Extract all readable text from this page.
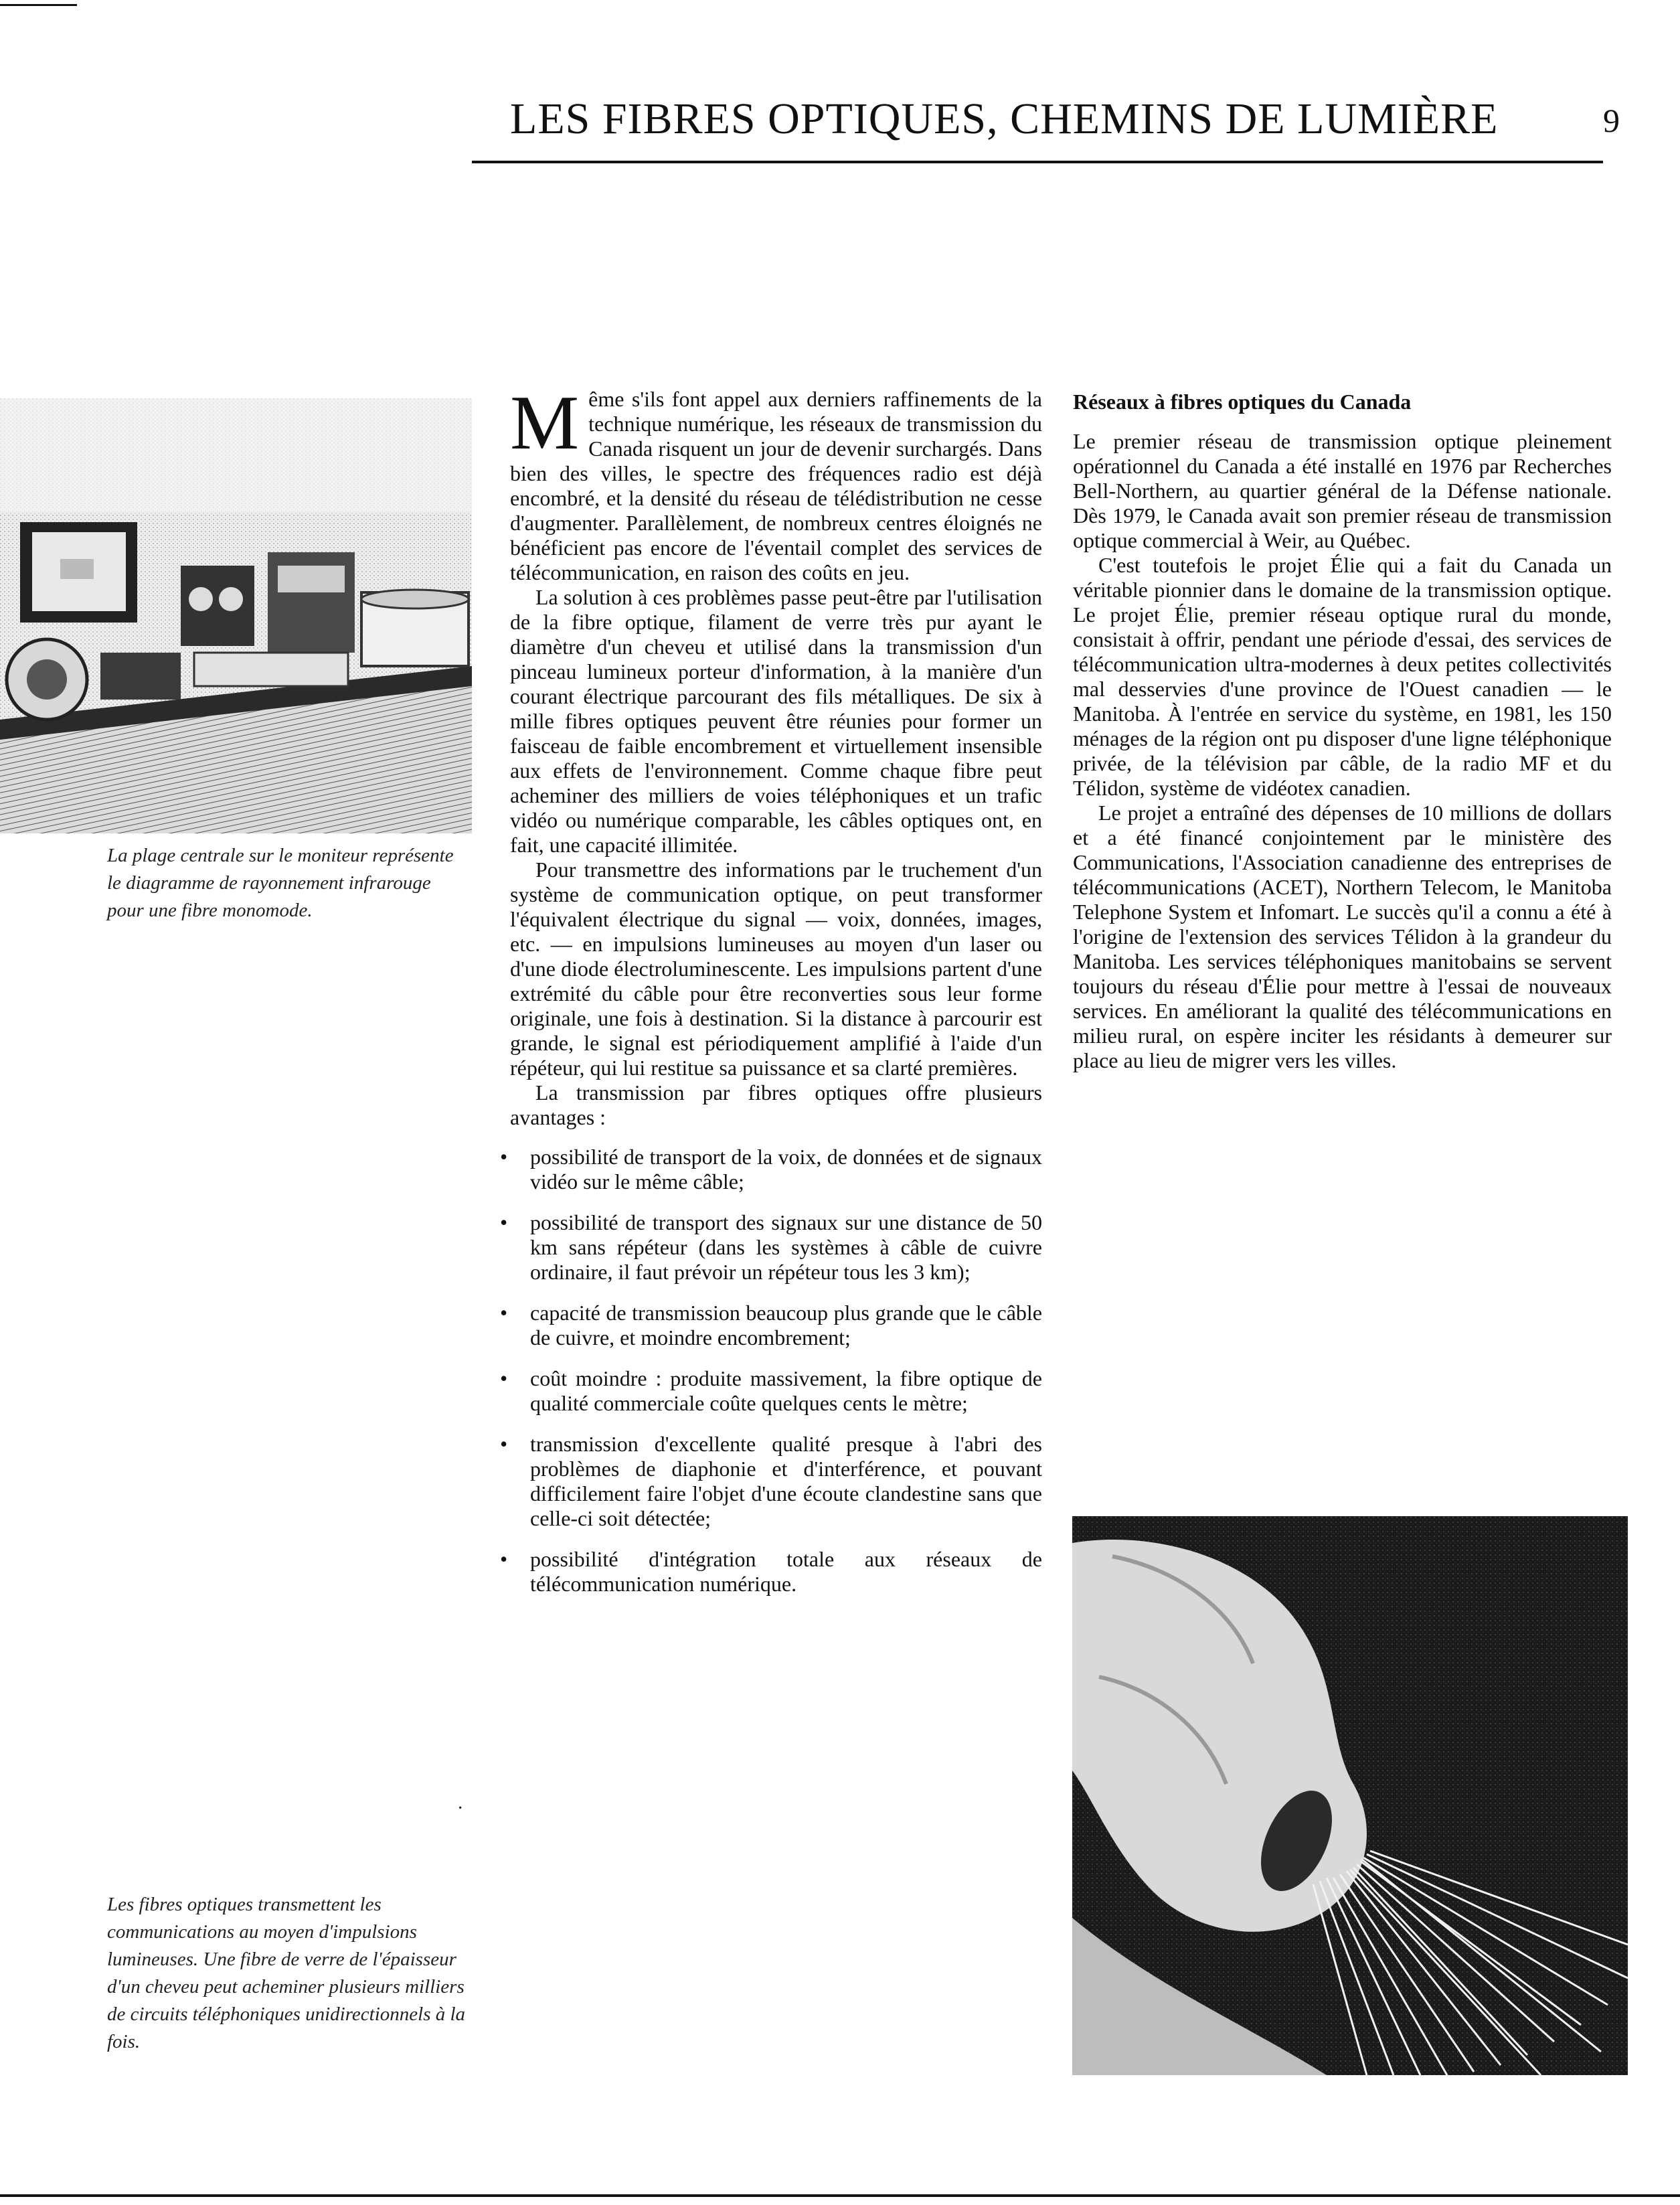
LES FIBRES OPTIQUES, CHEMINS DE LUMIÈRE	9
La plage centrale sur le moniteur représente le diagramme de rayonnement infrarouge pour une fibre monomode.

Même s'ils font appel aux derniers raffinements de la technique numérique, les réseaux de transmission du Canada risquent un jour de devenir surchargés. Dans bien des villes, le spectre des fréquences radio est déjà encombré, et la densité du réseau de télédistribution ne cesse d'augmenter. Parallèlement, de nombreux centres éloignés ne bénéficient pas encore de l'éventail complet des services de télécommunication, en raison des coûts en jeu.

La solution à ces problèmes passe peut-être par l'utilisation de la fibre optique, filament de verre très pur ayant le diamètre d'un cheveu et utilisé dans la transmission d'un pinceau lumineux porteur d'information, à la manière d'un courant électrique parcourant des fils métalliques. De six à mille fibres optiques peuvent être réunies pour former un faisceau de faible encombrement et virtuellement insensible aux effets de l'environnement. Comme chaque fibre peut acheminer des milliers de voies téléphoniques et un trafic vidéo ou numérique comparable, les câbles optiques ont, en fait, une capacité illimitée.

Pour transmettre des informations par le truchement d'un système de communication optique, on peut transformer l'équivalent électrique du signal — voix, données, images, etc. — en impulsions lumineuses au moyen d'un laser ou d'une diode électroluminescente. Les impulsions partent d'une extrémité du câble pour être reconverties sous leur forme originale, une fois à destination. Si la distance à parcourir est grande, le signal est périodiquement amplifié à l'aide d'un répéteur, qui lui restitue sa puissance et sa clarté premières.

La transmission par fibres optiques offre plusieurs avantages :

• possibilité de transport de la voix, de données et de signaux vidéo sur le même câble;
• possibilité de transport des signaux sur une distance de 50 km sans répéteur (dans les systèmes à câble de cuivre ordinaire, il faut prévoir un répéteur tous les 3 km);
• capacité de transmission beaucoup plus grande que le câble de cuivre, et moindre encombrement;
• coût moindre : produite massivement, la fibre optique de qualité commerciale coûte quelques cents le mètre;
• transmission d'excellente qualité presque à l'abri des problèmes de diaphonie et d'interférence, et pouvant difficilement faire l'objet d'une écoute clandestine sans que celle-ci soit détectée;
• possibilité d'intégration totale aux réseaux de télécommunication numérique.
Réseaux à fibres optiques du Canada

Le premier réseau de transmission optique pleinement opérationnel du Canada a été installé en 1976 par Recherches Bell-Northern, au quartier général de la Défense nationale. Dès 1979, le Canada avait son premier réseau de transmission optique commercial à Weir, au Québec.

C'est toutefois le projet Élie qui a fait du Canada un véritable pionnier dans le domaine de la transmission optique. Le projet Élie, premier réseau optique rural du monde, consistait à offrir, pendant une période d'essai, des services de télécommunication ultra-modernes à deux petites collectivités mal desservies d'une province de l'Ouest canadien — le Manitoba. À l'entrée en service du système, en 1981, les 150 ménages de la région ont pu disposer d'une ligne téléphonique privée, de la télévision par câble, de la radio MF et du Télidon, système de vidéotex canadien.

Le projet a entraîné des dépenses de 10 millions de dollars et a été financé conjointement par le ministère des Communications, l'Association canadienne des entreprises de télécommunications (ACET), Northern Telecom, le Manitoba Telephone System et Infomart. Le succès qu'il a connu a été à l'origine de l'extension des services Télidon à la grandeur du Manitoba. Les services téléphoniques manitobains se servent toujours du réseau d'Élie pour mettre à l'essai de nouveaux services. En améliorant la qualité des télécommunications en milieu rural, on espère inciter les résidants à demeurer sur place au lieu de migrer vers les villes.

·
Les fibres optiques transmettent les communications au moyen d'impulsions lumineuses. Une fibre de verre de l'épaisseur d'un cheveu peut acheminer plusieurs milliers de circuits téléphoniques unidirectionnels à la fois.
